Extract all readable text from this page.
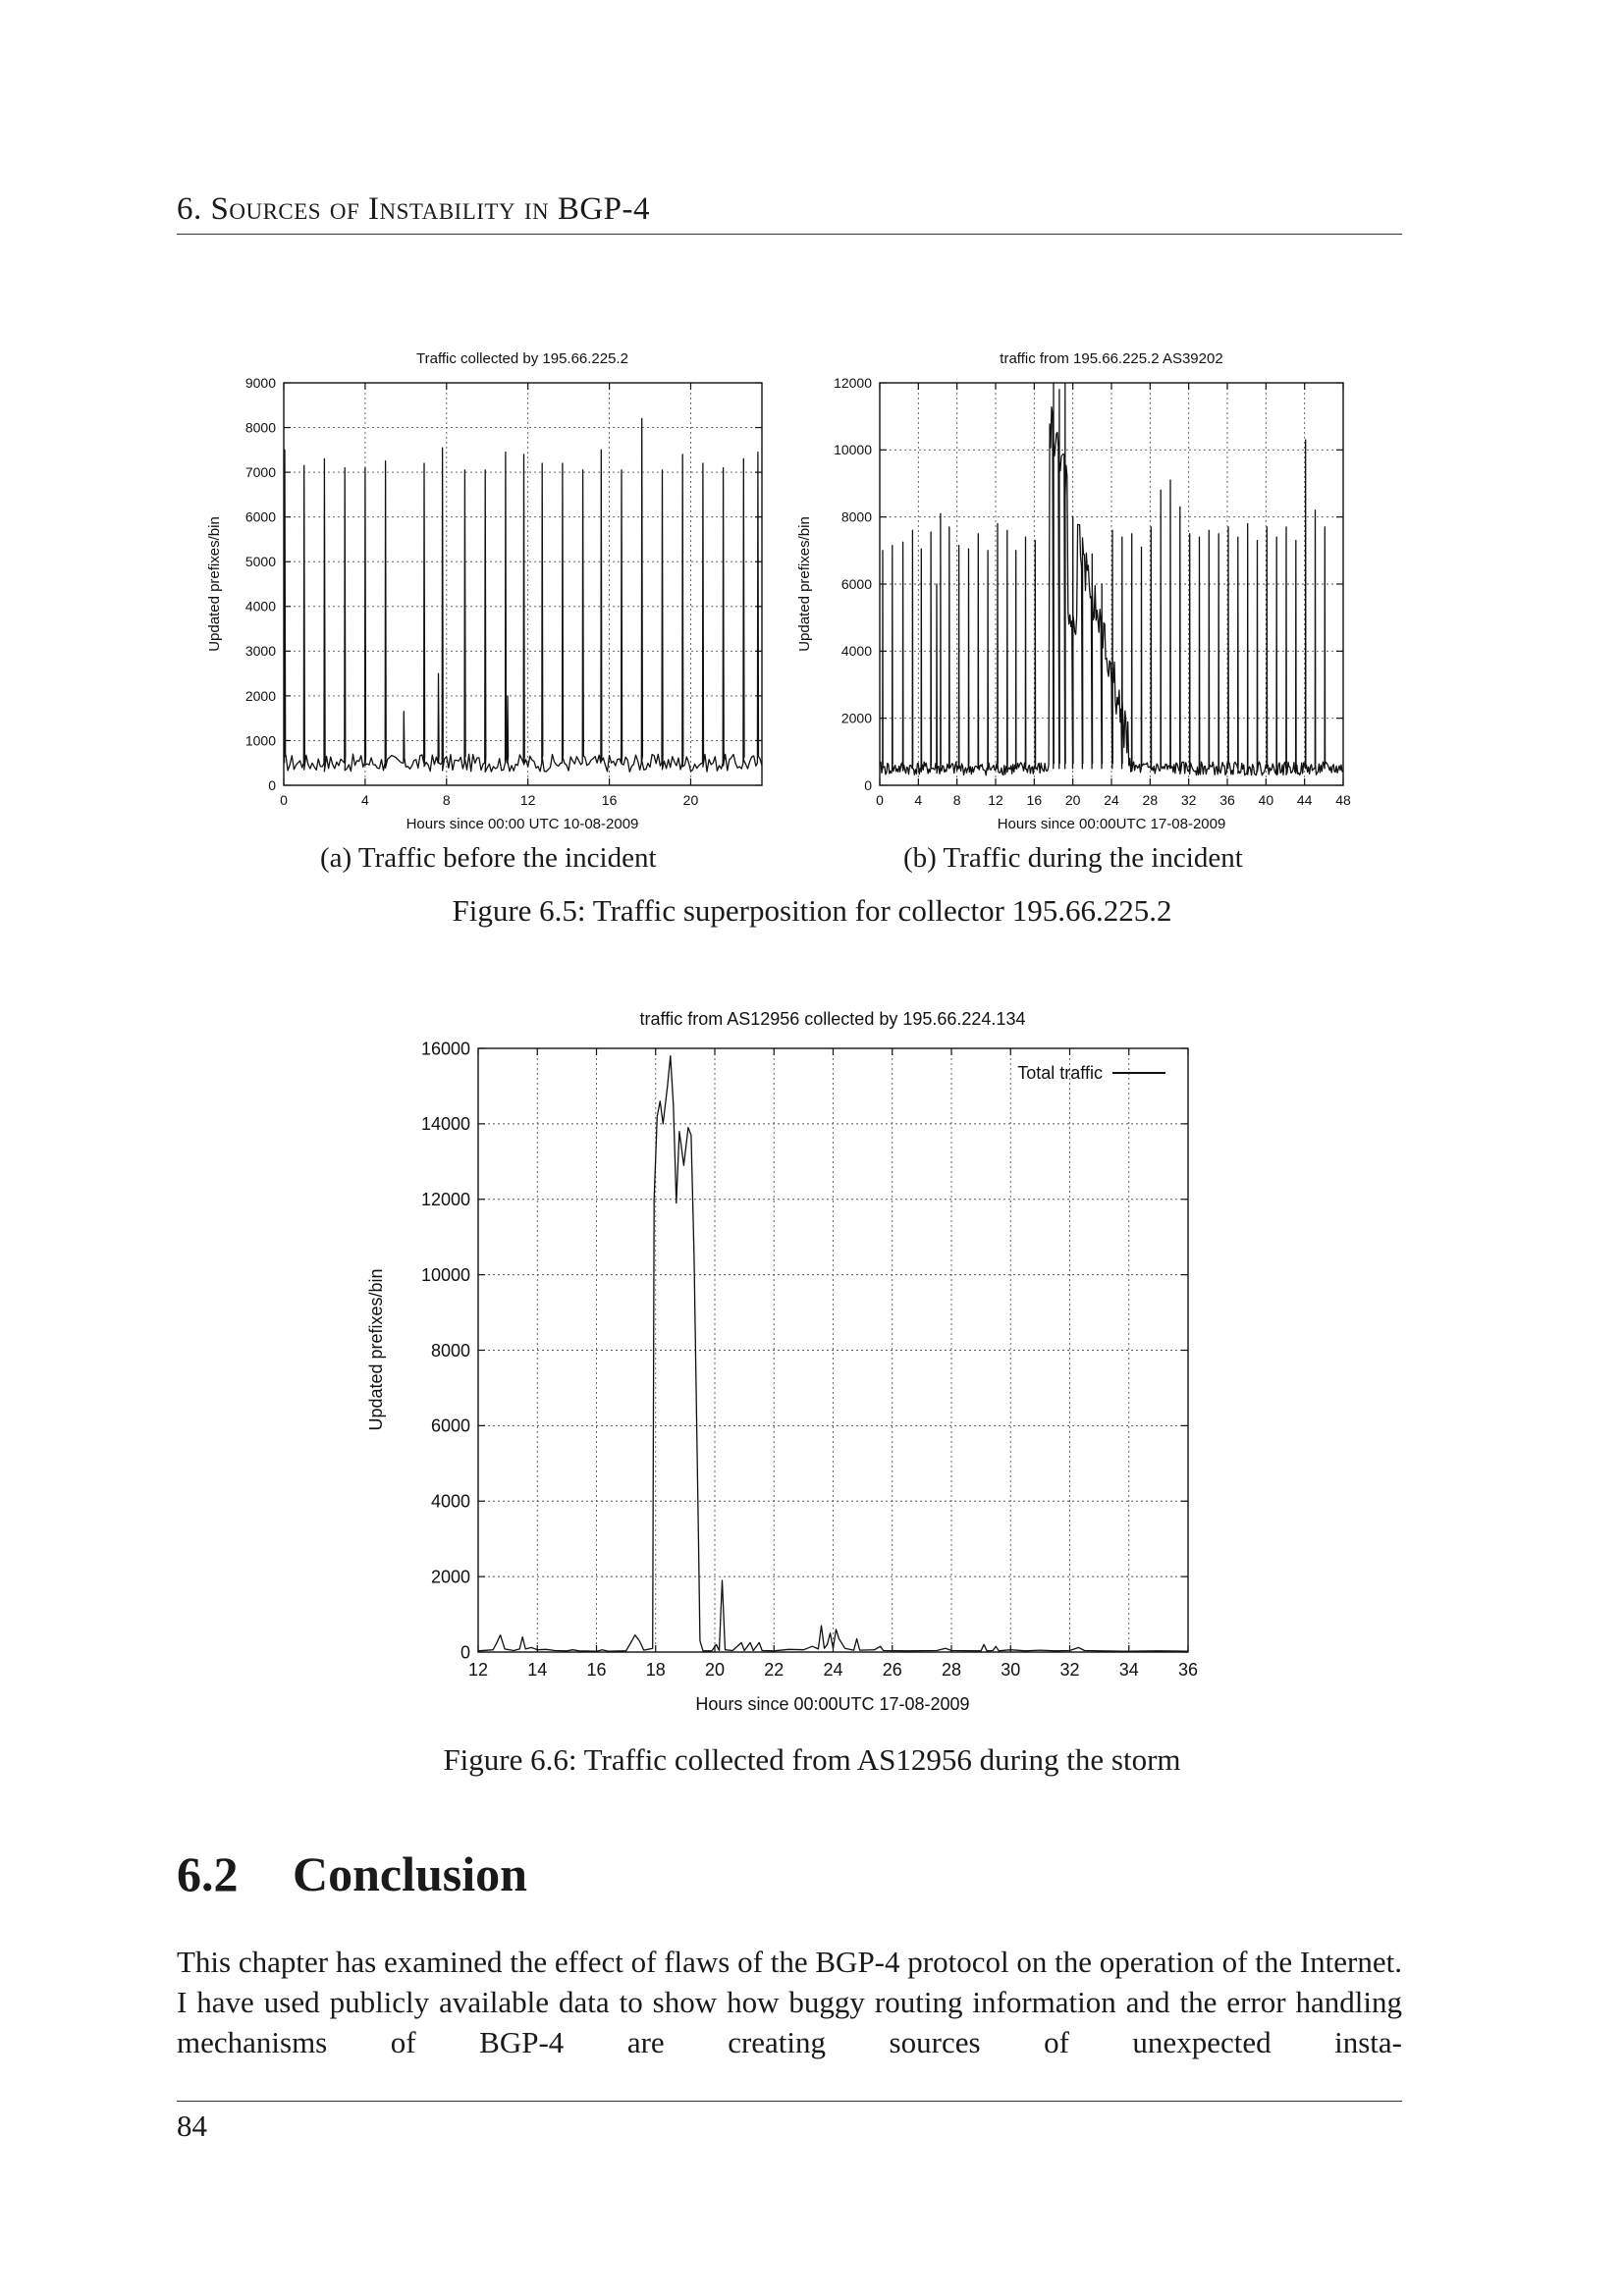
6. Sources of Instability in BGP-4
Traffic collected by 195.66.225.2
Updated prefixes/bin
Hours since 00:00 UTC 10-08-2009
0
1000
2000
3000
4000
5000
6000
7000
8000
9000
0	4	8	12	16	20
traffic from 195.66.225.2 AS39202
Updated prefixes/bin
Hours since 00:00UTC 17-08-2009
0
2000
4000
6000
8000
10000
12000
0 4 8 12 16 20 24 28 32 36 40 44 48
(a) Traffic before the incident	(b) Traffic during the incident
Figure 6.5: Traffic superposition for collector 195.66.225.2
traffic from AS12956 collected by 195.66.224.134
Updated prefixes/bin
Hours since 00:00UTC 17-08-2009
0
2000
4000
6000
8000
10000
12000
14000
16000
12 14 16 18 20 22 24 26 28 30 32 34 36
Total traffic
Figure 6.6: Traffic collected from AS12956 during the storm
6.2 Conclusion
This chapter has examined the effect of flaws of the BGP-4 protocol on the operation of the Internet. I have used publicly available data to show how buggy routing information and the error handling mechanisms of BGP-4 are creating sources of unexpected insta-
84
